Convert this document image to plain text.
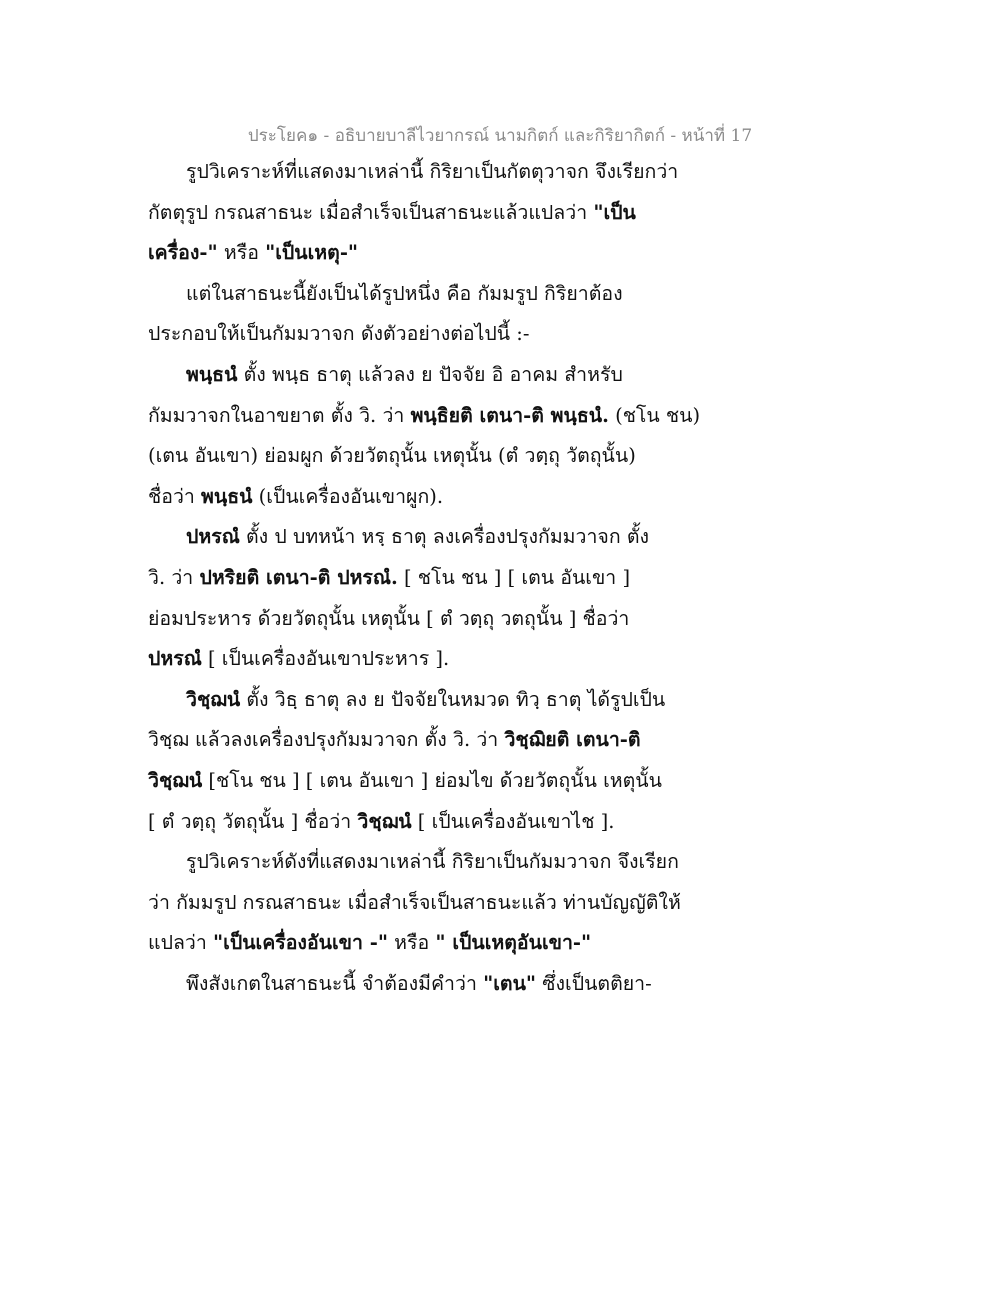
ประโยค๑ - อธิบายบาลีไวยากรณ์ นามกิตก์ และกิริยากิตก์ - หน้าที่ 17
รูปวิเคราะห์ที่แสดงมาเหล่านี้ กิริยาเป็นกัตตุวาจก จึงเรียกว่า
กัตตุรูป กรณสาธนะ เมื่อสำเร็จเป็นสาธนะแล้วแปลว่า "เป็น
เครื่อง-" หรือ "เป็นเหตุ-"
แต่ในสาธนะนี้ยังเป็นได้รูปหนึ่ง คือ กัมมรูป กิริยาต้อง
ประกอบให้เป็นกัมมวาจก ดังตัวอย่างต่อไปนี้ :-
พนฺธนํ ตั้ง พนฺธ ธาตุ แล้วลง ย ปัจจัย อิ อาคม สำหรับ
กัมมวาจกในอาขยาต ตั้ง วิ. ว่า พนฺธิยติ เตนา-ติ พนฺธนํ. (ชโน ชน)
(เตน อันเขา) ย่อมผูก ด้วยวัตถุนั้น เหตุนั้น (ตํ วตฺถุ วัตถุนั้น)
ชื่อว่า พนฺธนํ (เป็นเครื่องอันเขาผูก).
ปหรณํ ตั้ง ป บทหน้า หรฺ ธาตุ ลงเครื่องปรุงกัมมวาจก ตั้ง
วิ. ว่า ปหริยติ เตนา-ติ ปหรณํ. [ ชโน ชน ] [ เตน อันเขา ]
ย่อมประหาร ด้วยวัตถุนั้น เหตุนั้น [ ตํ วตฺถุ วตถุนั้น ] ชื่อว่า
ปหรณํ [ เป็นเครื่องอันเขาประหาร ].
วิชฺฌนํ ตั้ง วิธฺ ธาตุ ลง ย ปัจจัยในหมวด ทิวฺ ธาตุ ได้รูปเป็น
วิชฺฌ แล้วลงเครื่องปรุงกัมมวาจก ตั้ง วิ. ว่า วิชฺฌิยติ เตนา-ติ
วิชฺฌนํ [ชโน ชน ] [ เตน อันเขา ] ย่อมไข ด้วยวัตถุนั้น เหตุนั้น
[ ตํ วตฺถุ วัตถุนั้น ] ชื่อว่า วิชฺฌนํ [ เป็นเครื่องอันเขาไช ].
รูปวิเคราะห์ดังที่แสดงมาเหล่านี้ กิริยาเป็นกัมมวาจก จึงเรียก
ว่า กัมมรูป กรณสาธนะ เมื่อสำเร็จเป็นสาธนะแล้ว ท่านบัญญัติให้
แปลว่า "เป็นเครื่องอันเขา -" หรือ " เป็นเหตุอันเขา-"
พึงสังเกตในสาธนะนี้ จำต้องมีคำว่า "เตน" ซึ่งเป็นตติยา-
